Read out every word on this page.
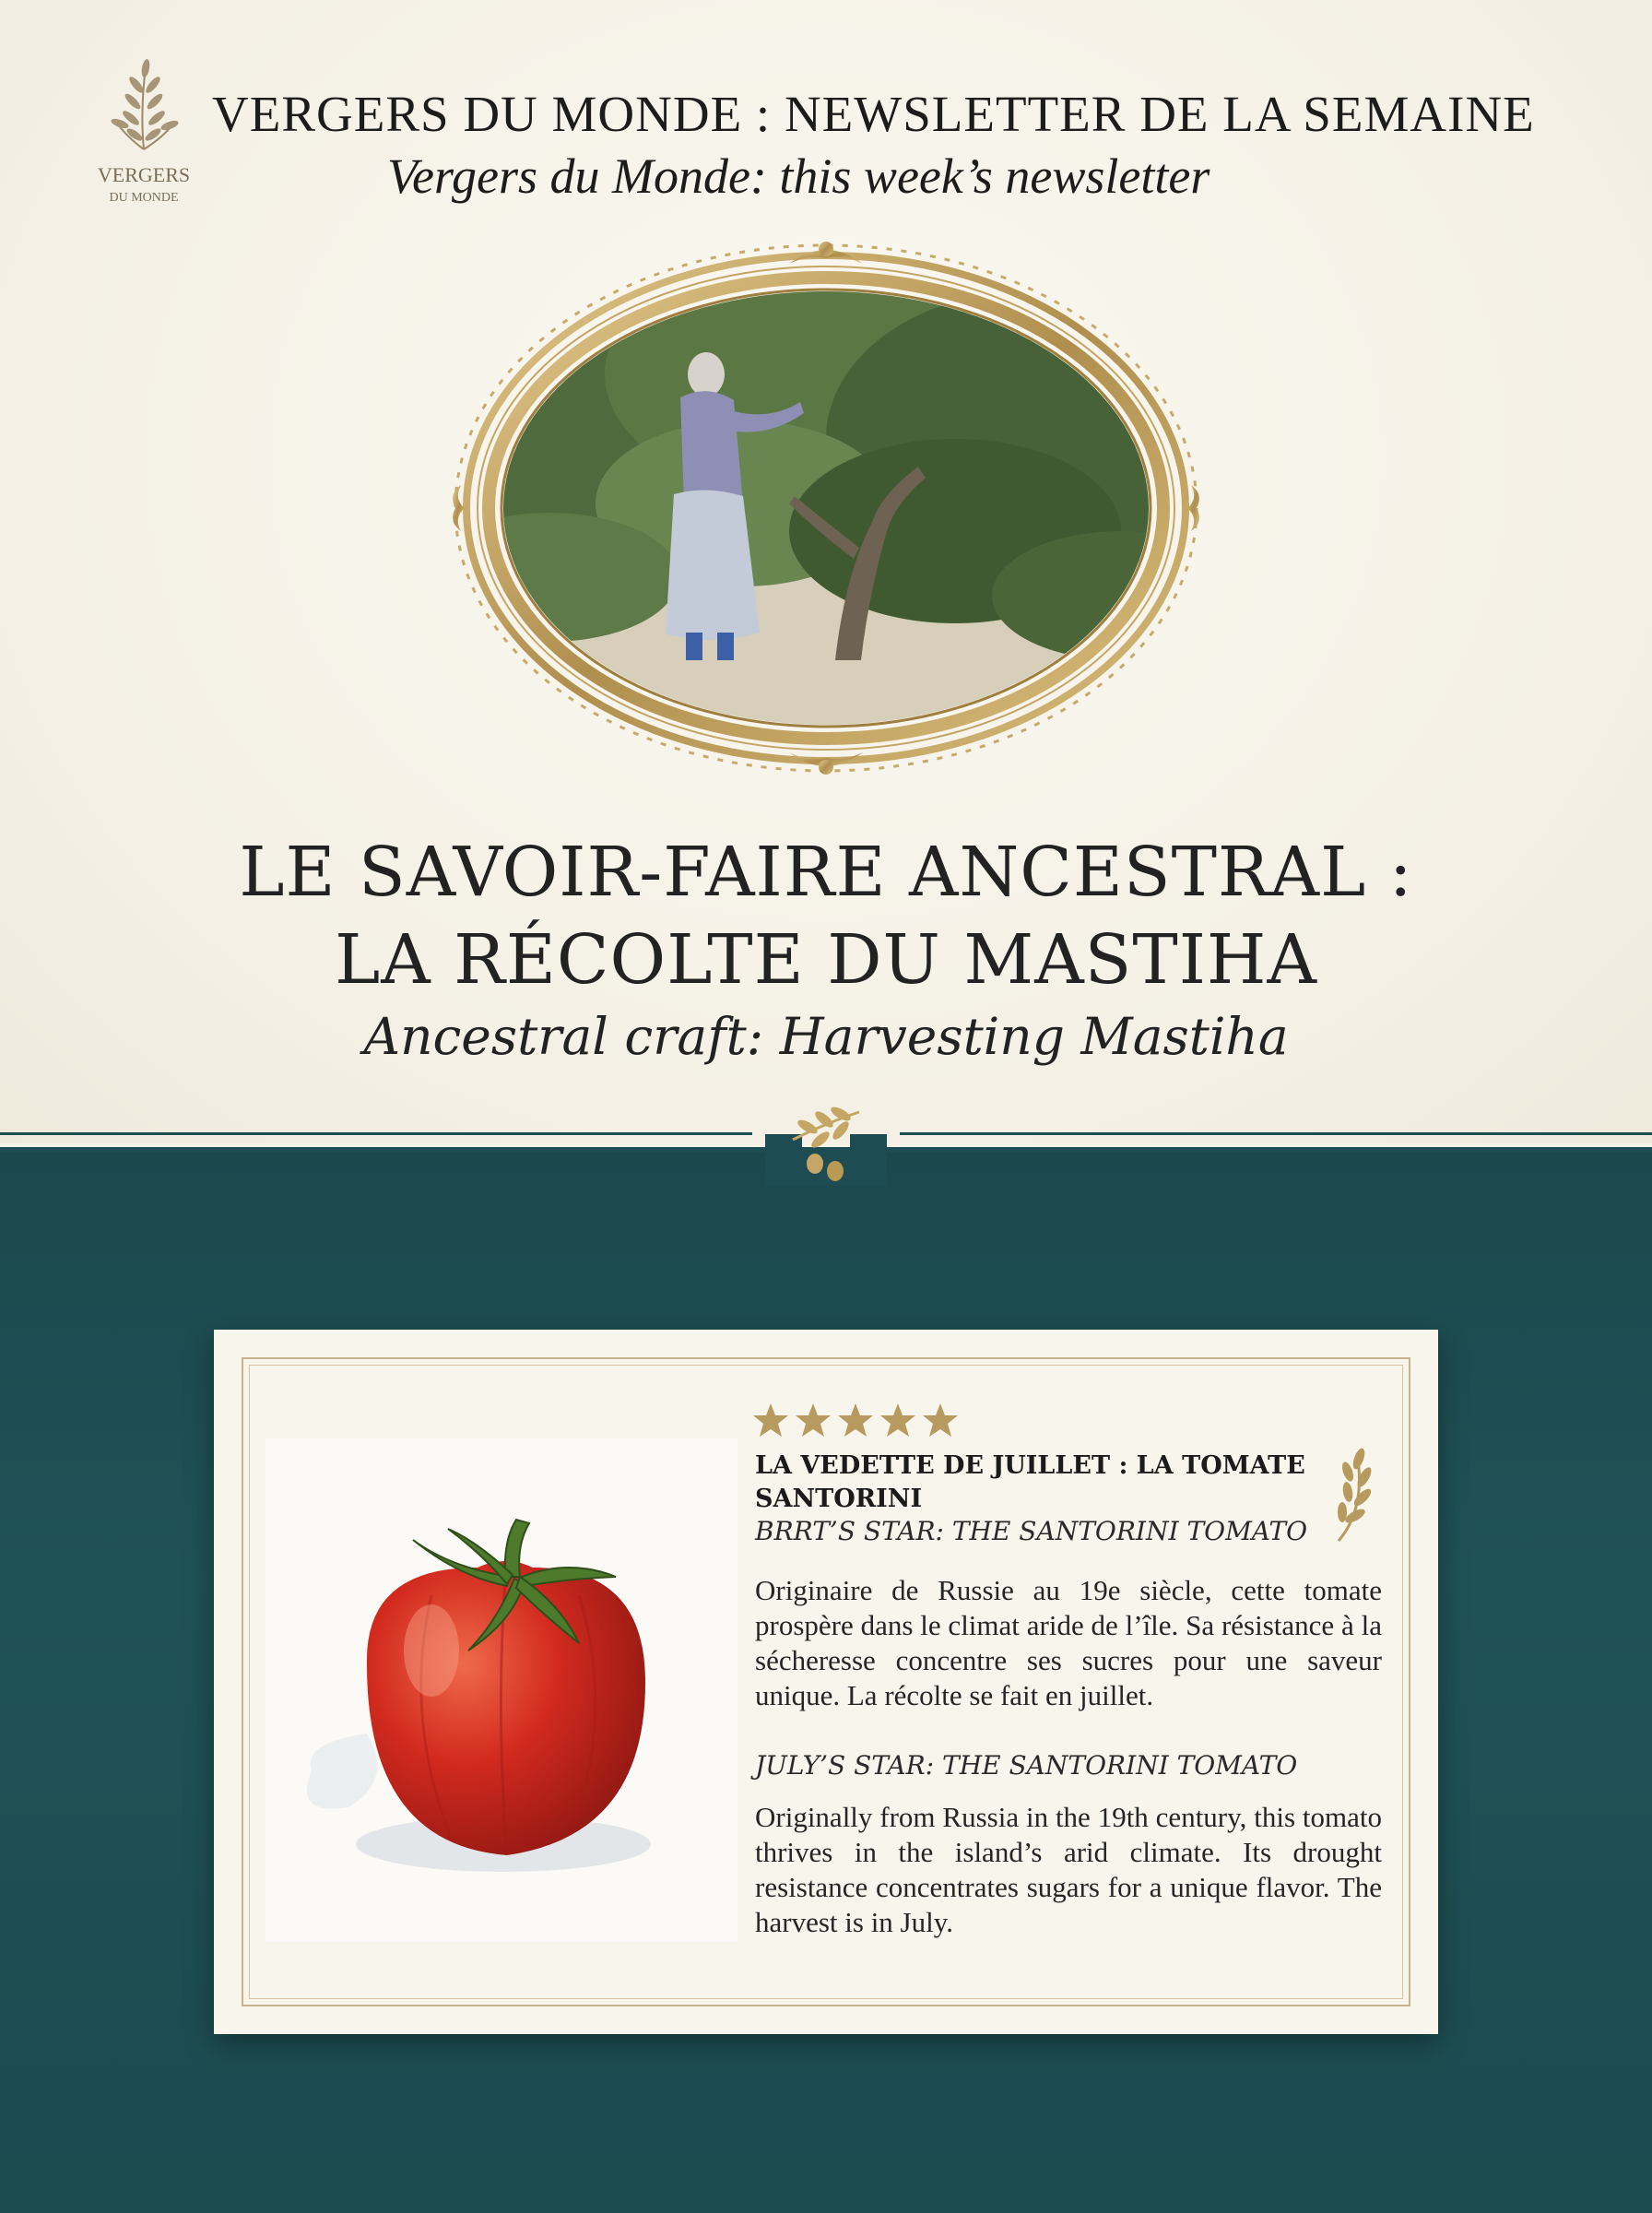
VERGERS
DU MONDE
VERGERS DU MONDE : NEWSLETTER DE LA SEMAINE
Vergers du Monde: this week’s newsletter
LE SAVOIR-FAIRE ANCESTRAL :
LA RÉCOLTE DU MASTIHA
Ancestral craft: Harvesting Mastiha
LA VEDETTE DE JUILLET : LA TOMATE SANTORINI
BRRT’S STAR: THE SANTORINI TOMATO
Originaire de Russie au 19e siècle, cette tomate prospère dans le climat aride de l’île. Sa résistance à la sécheresse concentre ses sucres pour une saveur unique. La récolte se fait en juillet.
JULY’S STAR: THE SANTORINI TOMATO
Originally from Russia in the 19th century, this tomato thrives in the island’s arid climate. Its drought resistance concentrates sugars for a unique flavor. The harvest is in July.
